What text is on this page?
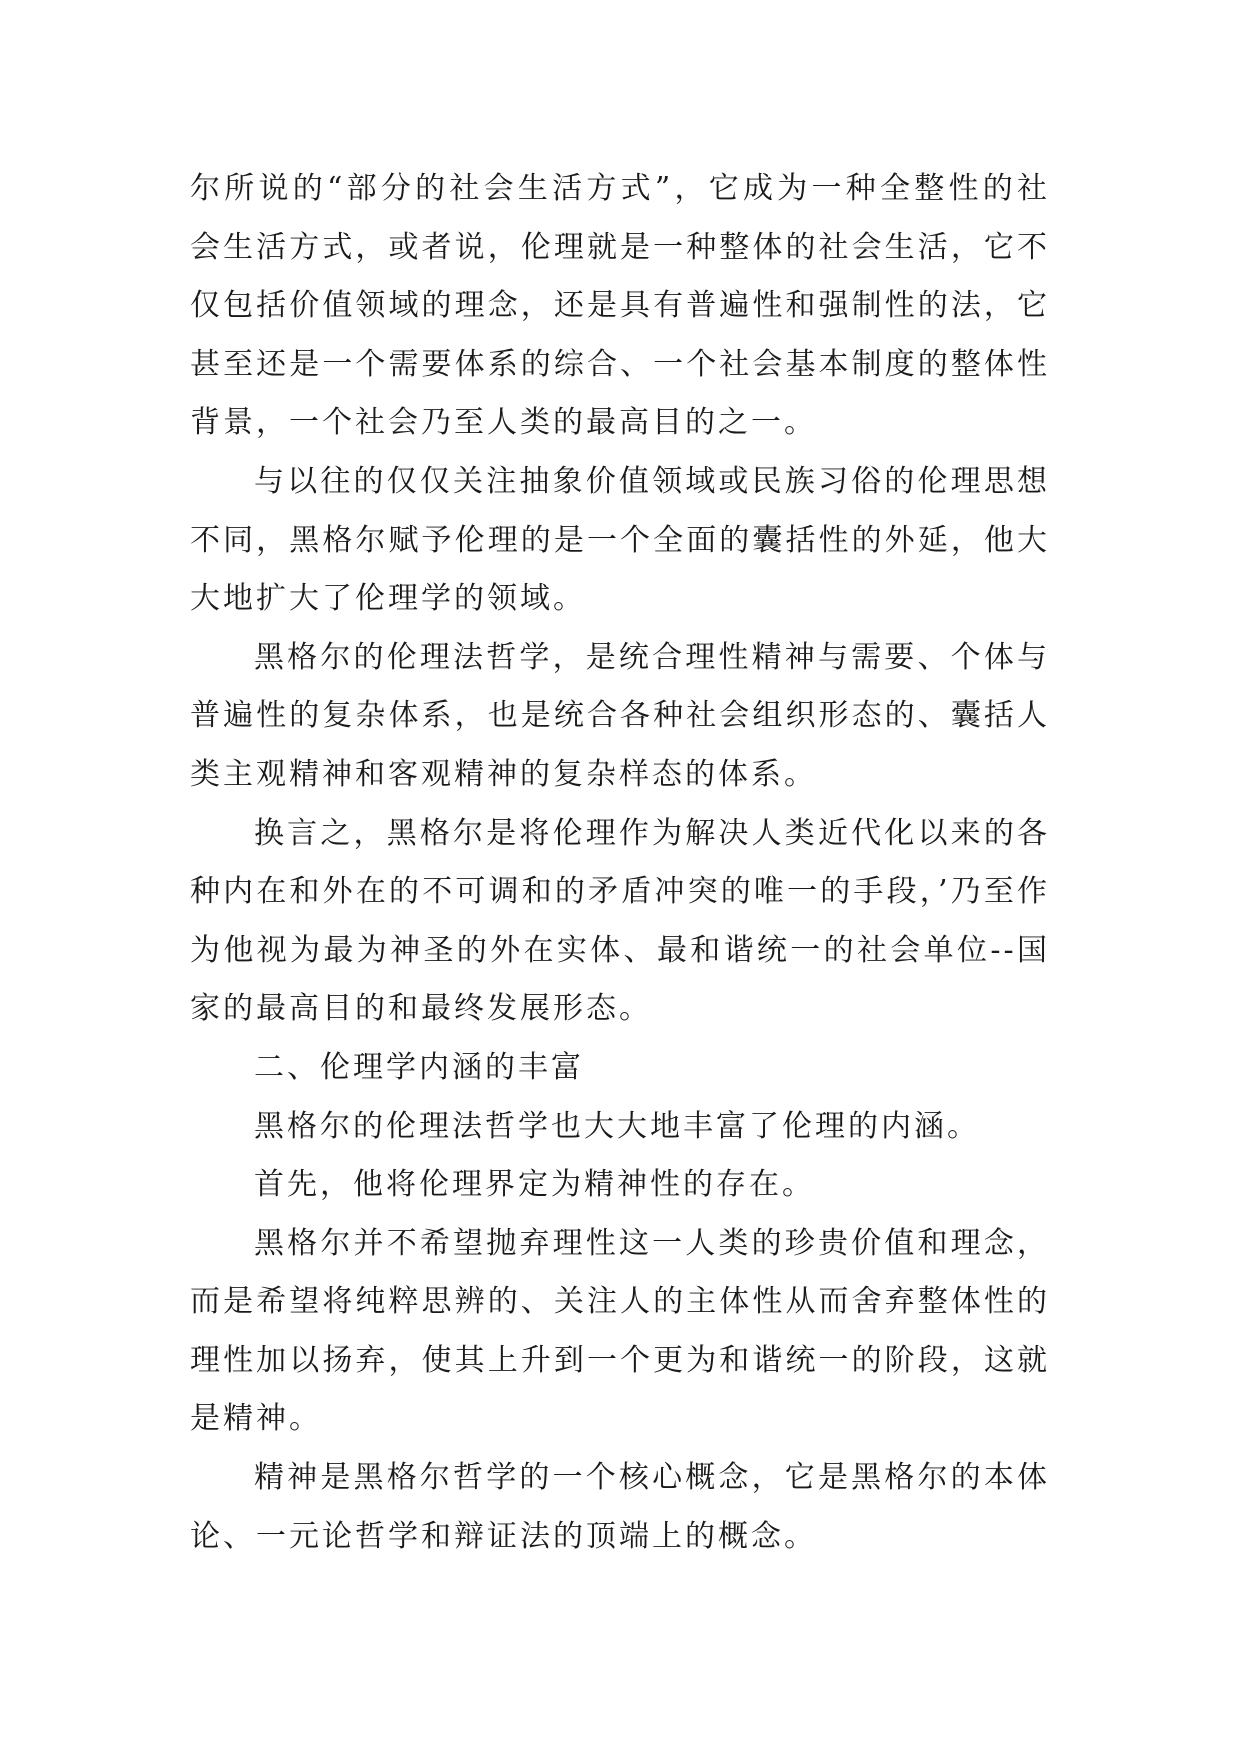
尔所说的“部分的社会生活方式”，它成为一种全整性的社会生活方式，或者说，伦理就是一种整体的社会生活，它不仅包括价值领域的理念，还是具有普遍性和强制性的法，它甚至还是一个需要体系的综合、一个社会基本制度的整体性背景，一个社会乃至人类的最高目的之一。

与以往的仅仅关注抽象价值领域或民族习俗的伦理思想不同，黑格尔赋予伦理的是一个全面的囊括性的外延，他大大地扩大了伦理学的领域。

黑格尔的伦理法哲学，是统合理性精神与需要、个体与普遍性的复杂体系，也是统合各种社会组织形态的、囊括人类主观精神和客观精神的复杂样态的体系。

换言之，黑格尔是将伦理作为解决人类近代化以来的各种内在和外在的不可调和的矛盾冲突的唯一的手段，’乃至作为他视为最为神圣的外在实体、最和谐统一的社会单位--国家的最高目的和最终发展形态。

二、伦理学内涵的丰富

黑格尔的伦理法哲学也大大地丰富了伦理的内涵。

首先，他将伦理界定为精神性的存在。

黑格尔并不希望抛弃理性这一人类的珍贵价值和理念，而是希望将纯粹思辨的、关注人的主体性从而舍弃整体性的理性加以扬弃，使其上升到一个更为和谐统一的阶段，这就是精神。

精神是黑格尔哲学的一个核心概念，它是黑格尔的本体论、一元论哲学和辩证法的顶端上的概念。
